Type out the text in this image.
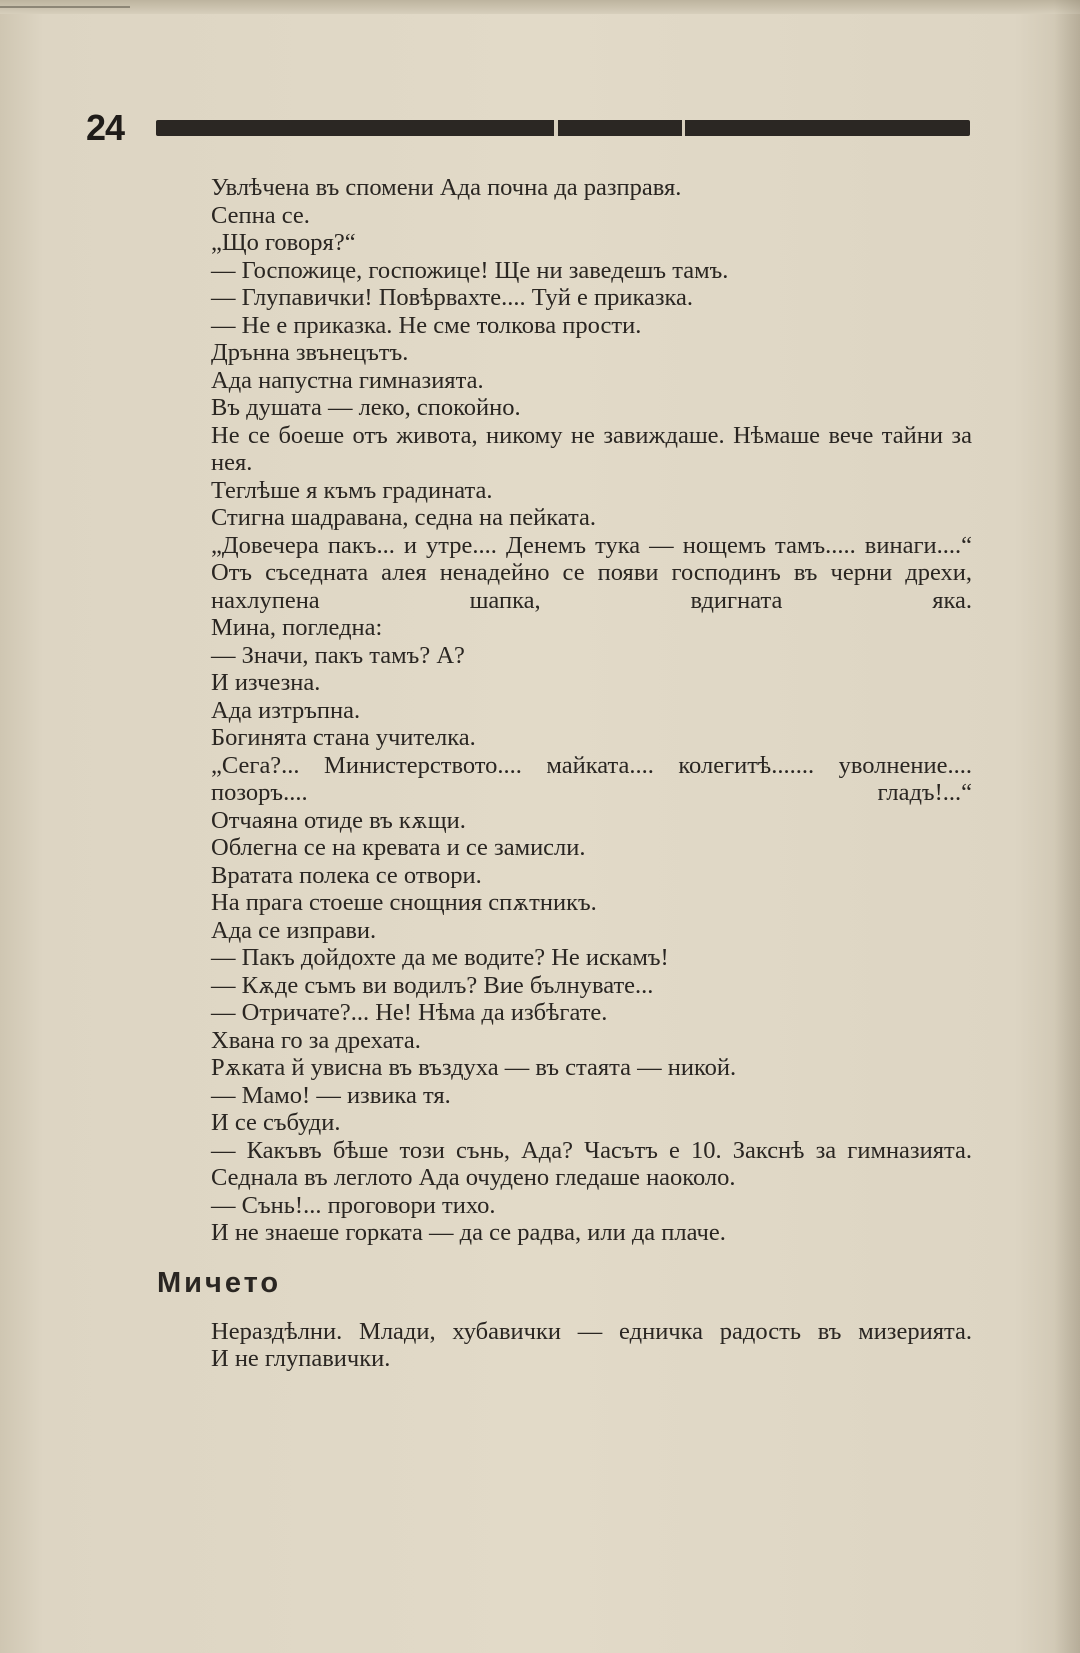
24
Увлѣчена въ спомени Ада почна да разправя.
Сепна се.
„Що говоря?“
— Госпожице, госпожице! Ще ни заведешъ тамъ.
— Глупавички! Повѣрвахте.... Туй е приказка.
— Не е приказка. Не сме толкова прости.
Дрънна звънецътъ.
Ада напустна гимназията.
Въ душата — леко, спокойно.
Не се боеше отъ живота, никому не завиждаше. Нѣмаше вече тайни за нея.
Теглѣше я къмъ градината.
Стигна шадравана, седна на пейката.
„Довечера пакъ... и утре.... Денемъ тука — нощемъ тамъ..... винаги....“
Отъ съседната алея ненадейно се появи господинъ въ черни дрехи, нахлупена шапка, вдигната яка.
Мина, погледна:
— Значи, пакъ тамъ? А?
И изчезна.
Ада изтръпна.
Богинята стана учителка.
„Сега?... Министерството.... майката.... колегитѣ....... уволнение.... позоръ.... гладъ!...“
Отчаяна отиде въ кѫщи.
Облегна се на кревата и се замисли.
Вратата полека се отвори.
На прага стоеше снощния спѫтникъ.
Ада се изправи.
— Пакъ дойдохте да ме водите? Не искамъ!
— Кѫде съмъ ви водилъ? Вие бълнувате...
— Отричате?... Не! Нѣма да избѣгате.
Хвана го за дрехата.
Рѫката й увисна въ въздуха — въ стаята — никой.
— Мамо! — извика тя.
И се събуди.
— Какъвъ бѣше този сънь, Ада? Часътъ е 10. Закснѣ за гимназията.
Седнала въ леглото Ада очудено гледаше наоколо.
— Сънь!... проговори тихо.
И не знаеше горката — да се радва, или да плаче.
Мичето
Нераздѣлни. Млади, хубавички — едничка радость въ мизерията.
И не глупавички.
